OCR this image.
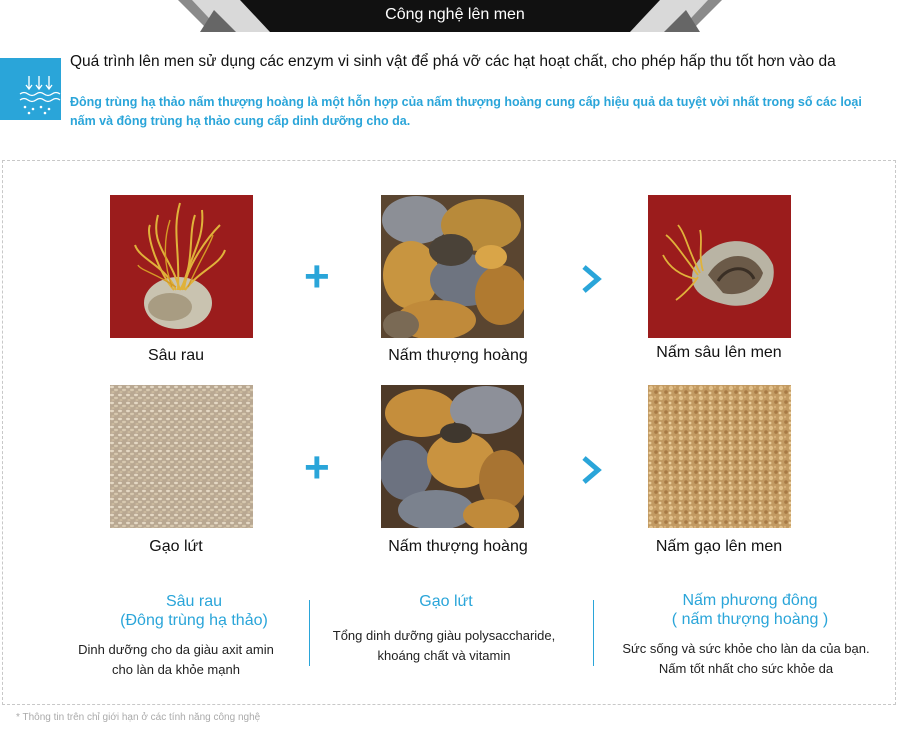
Công nghệ lên men
Quá trình lên men sử dụng các enzym vi sinh vật để phá vỡ các hạt hoạt chất, cho phép hấp thu tốt hơn vào da
Đông trùng hạ thảo nấm thượng hoàng là một hỗn hợp của nấm thượng hoàng cung cấp hiệu quả da tuyệt vời nhất trong số các loại nấm và đông trùng hạ thảo cung cấp dinh dưỡng cho da.
+
Sâu rau	Nấm thượng hoàng	Nấm sâu lên men
+
Gạo lứt	Nấm thượng hoàng	Nấm gạo lên men
Sâu rau
(Đông trùng hạ thảo)
Dinh dưỡng cho da giàu axit amin
cho làn da khỏe mạnh
Gạo lứt
Tổng dinh dưỡng giàu polysaccharide,
khoáng chất và vitamin
Nấm phương đông
( nấm thượng hoàng )
Sức sống và sức khỏe cho làn da của bạn.
Nấm tốt nhất cho sức khỏe da
* Thông tin trên chỉ giới hạn ở các tính năng công nghệ
